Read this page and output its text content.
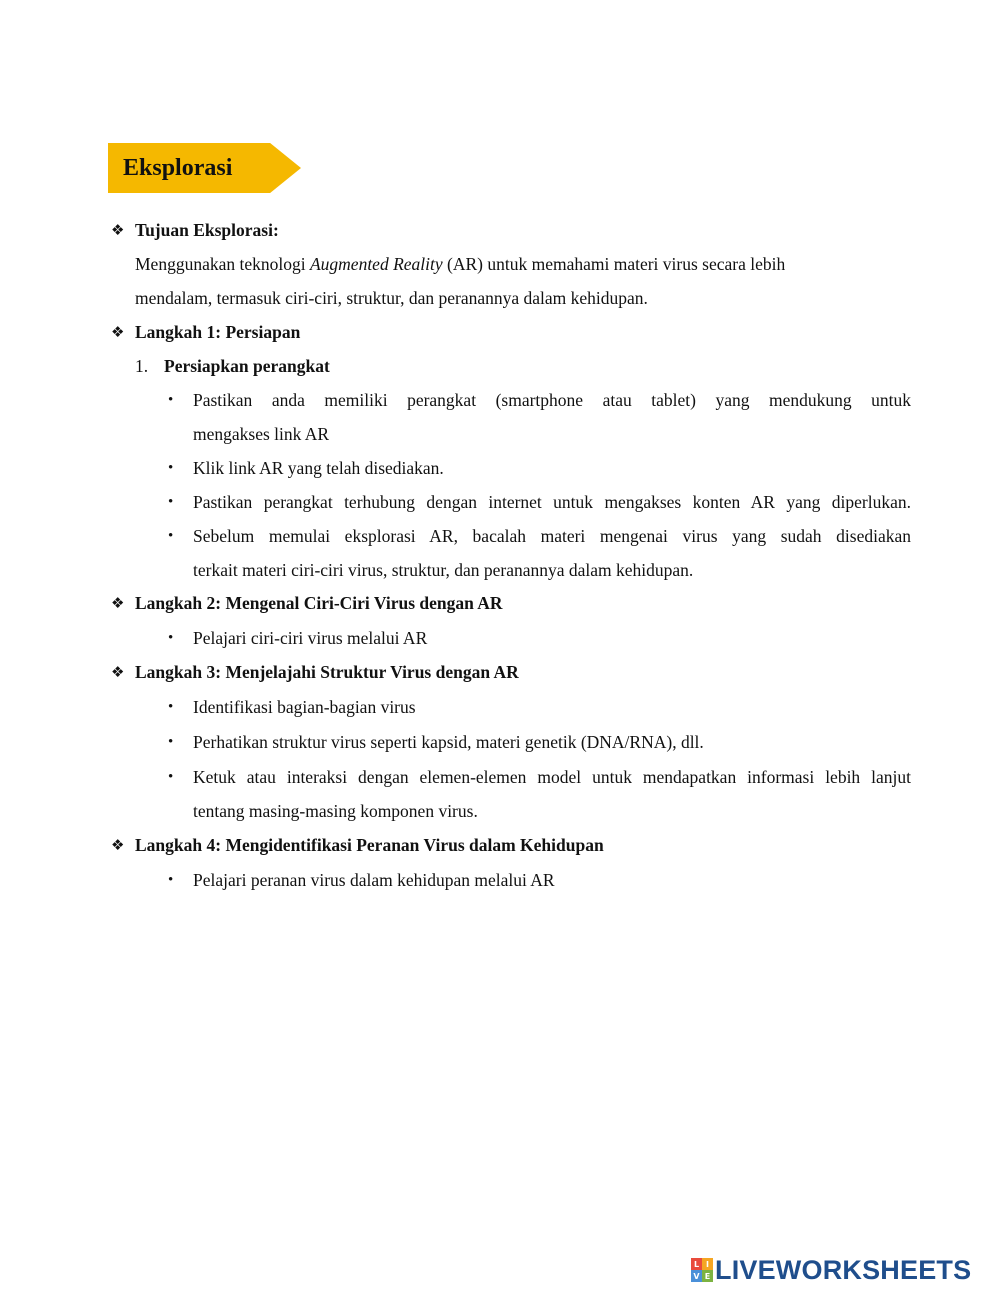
Eksplorasi
❖ Tujuan Eksplorasi:
Menggunakan teknologi Augmented Reality (AR) untuk memahami materi virus secara lebih
mendalam, termasuk ciri-ciri, struktur, dan peranannya dalam kehidupan.
❖ Langkah 1: Persiapan
1. Persiapkan perangkat
• Pastikan anda memiliki perangkat (smartphone atau tablet) yang mendukung untuk
mengakses link AR
• Klik link AR yang telah disediakan.
• Pastikan perangkat terhubung dengan internet untuk mengakses konten AR yang diperlukan.
• Sebelum memulai eksplorasi AR, bacalah materi mengenai virus yang sudah disediakan
terkait materi ciri-ciri virus, struktur, dan peranannya dalam kehidupan.
❖ Langkah 2: Mengenal Ciri-Ciri Virus dengan AR
• Pelajari ciri-ciri virus melalui AR
❖ Langkah 3: Menjelajahi Struktur Virus dengan AR
• Identifikasi bagian-bagian virus
• Perhatikan struktur virus seperti kapsid, materi genetik (DNA/RNA), dll.
• Ketuk atau interaksi dengan elemen-elemen model untuk mendapatkan informasi lebih lanjut
tentang masing-masing komponen virus.
❖ Langkah 4: Mengidentifikasi Peranan Virus dalam Kehidupan
• Pelajari peranan virus dalam kehidupan melalui AR
L I
V E LIVEWORKSHEETS
